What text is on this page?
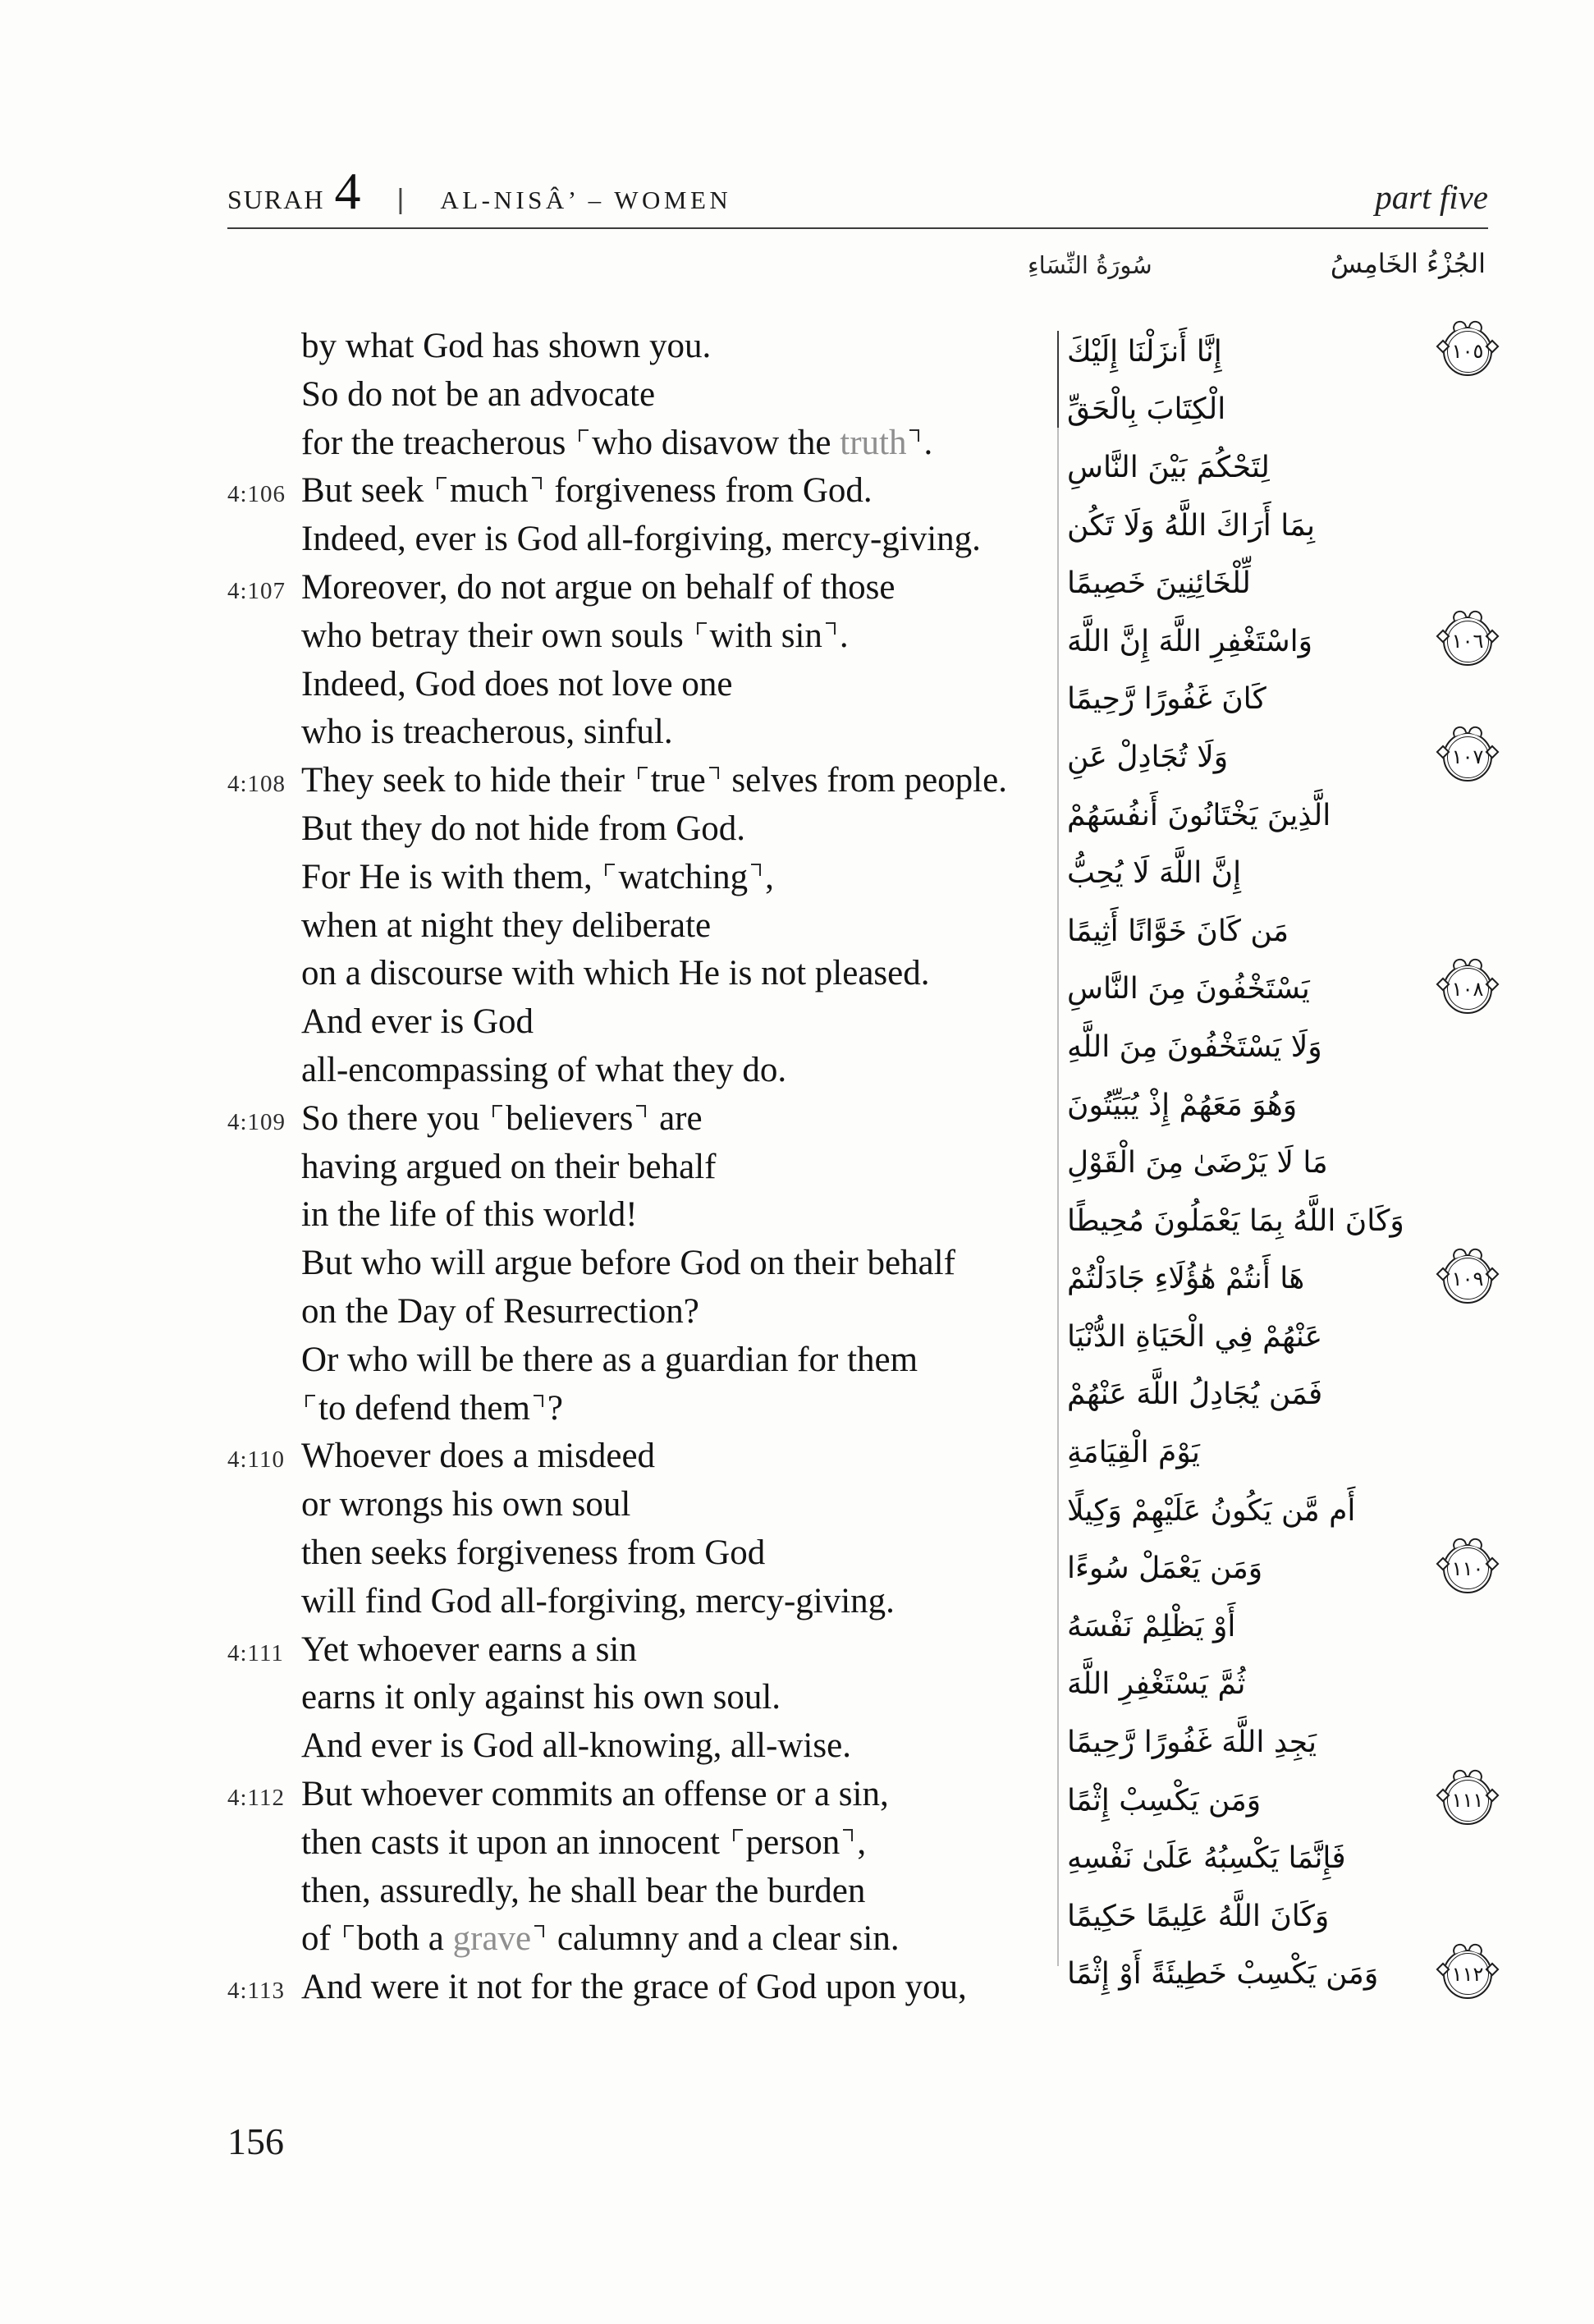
SURAH 4 | AL-NISÂ’ – WOMEN	part five
سُورَةُ النِّسَاءِ	الجُزْءُ الخَامِسُ
by what God has shown you.
So do not be an advocate
for the treacherous who disavow the truth .
4:106 But seek much forgiveness from God.
Indeed, ever is God all-forgiving, mercy-giving.
4:107 Moreover, do not argue on behalf of those
who betray their own souls with sin .
Indeed, God does not love one
who is treacherous, sinful.
4:108 They seek to hide their true selves from people.
But they do not hide from God.
For He is with them, watching ,
when at night they deliberate
on a discourse with which He is not pleased.
And ever is God
all-encompassing of what they do.
4:109 So there you believers are
having argued on their behalf
in the life of this world!
But who will argue before God on their behalf
on the Day of Resurrection?
Or who will be there as a guardian for them
to defend them ?
4:110 Whoever does a misdeed
or wrongs his own soul
then seeks forgiveness from God
will find God all-forgiving, mercy-giving.
4:111 Yet whoever earns a sin
earns it only against his own soul.
And ever is God all-knowing, all-wise.
4:112 But whoever commits an offense or a sin,
then casts it upon an innocent person ,
then, assuredly, he shall bear the burden
of both a grave calumny and a clear sin.
4:113 And were it not for the grace of God upon you,
إِنَّا أَنزَلْنَا إِلَيْكَ	١٠٥
الْكِتَابَ بِالْحَقِّ
لِتَحْكُمَ بَيْنَ النَّاسِ
بِمَا أَرَاكَ اللَّهُ وَلَا تَكُن
لِّلْخَائِنِينَ خَصِيمًا
وَاسْتَغْفِرِ اللَّهَ إِنَّ اللَّهَ	١٠٦
كَانَ غَفُورًا رَّحِيمًا
وَلَا تُجَادِلْ عَنِ	١٠٧
الَّذِينَ يَخْتَانُونَ أَنفُسَهُمْ
إِنَّ اللَّهَ لَا يُحِبُّ
مَن كَانَ خَوَّانًا أَثِيمًا
يَسْتَخْفُونَ مِنَ النَّاسِ	١٠٨
وَلَا يَسْتَخْفُونَ مِنَ اللَّهِ
وَهُوَ مَعَهُمْ إِذْ يُبَيِّتُونَ
مَا لَا يَرْضَىٰ مِنَ الْقَوْلِ
وَكَانَ اللَّهُ بِمَا يَعْمَلُونَ مُحِيطًا
هَا أَنتُمْ هَٰؤُلَاءِ جَادَلْتُمْ	١٠٩
عَنْهُمْ فِي الْحَيَاةِ الدُّنْيَا
فَمَن يُجَادِلُ اللَّهَ عَنْهُمْ
يَوْمَ الْقِيَامَةِ
أَم مَّن يَكُونُ عَلَيْهِمْ وَكِيلًا
وَمَن يَعْمَلْ سُوءًا	١١٠
أَوْ يَظْلِمْ نَفْسَهُ
ثُمَّ يَسْتَغْفِرِ اللَّهَ
يَجِدِ اللَّهَ غَفُورًا رَّحِيمًا
وَمَن يَكْسِبْ إِثْمًا	١١١
فَإِنَّمَا يَكْسِبُهُ عَلَىٰ نَفْسِهِ
وَكَانَ اللَّهُ عَلِيمًا حَكِيمًا
وَمَن يَكْسِبْ خَطِيئَةً أَوْ إِثْمًا	١١٢
156
